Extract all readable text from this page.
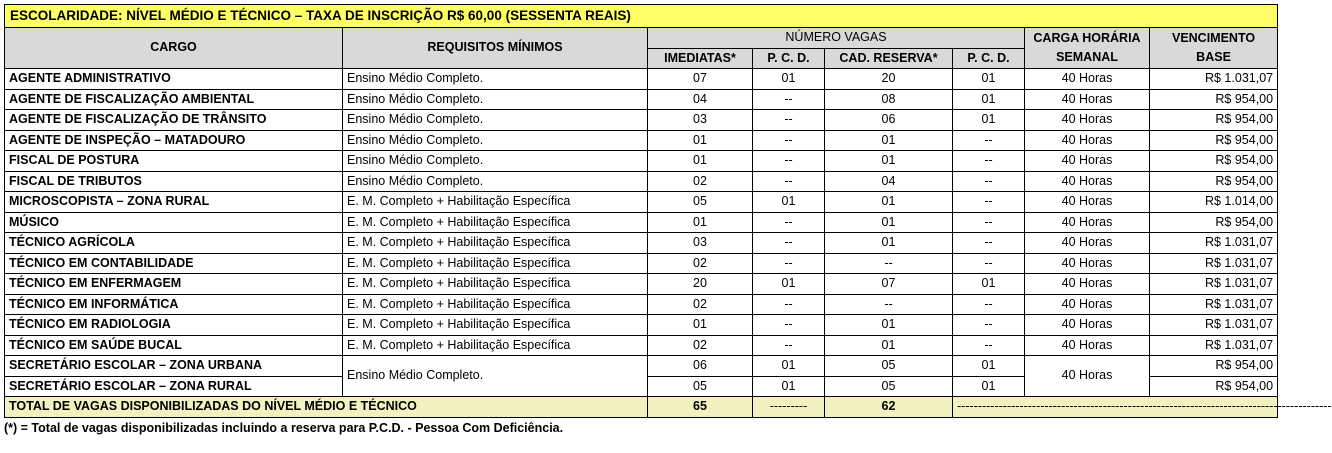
ESCOLARIDADE: NÍVEL MÉDIO E TÉCNICO – TAXA DE INSCRIÇÃO R$ 60,00 (SESSENTA REAIS)							
CARGO	REQUISITOS MÍNIMOS	NÚMERO VAGAS				CARGA HORÁRIA SEMANAL	VENCIMENTO BASE
		IMEDIATAS*	P. C. D.	CAD. RESERVA*	P. C. D.		
AGENTE ADMINISTRATIVO	Ensino Médio Completo.	07	01	20	01	40 Horas	R$ 1.031,07
AGENTE DE FISCALIZAÇÃO AMBIENTAL	Ensino Médio Completo.	04	--	08	01	40 Horas	R$ 954,00
AGENTE DE FISCALIZAÇÃO DE TRÂNSITO	Ensino Médio Completo.	03	--	06	01	40 Horas	R$ 954,00
AGENTE DE INSPEÇÃO – MATADOURO	Ensino Médio Completo.	01	--	01	--	40 Horas	R$ 954,00
FISCAL DE POSTURA	Ensino Médio Completo.	01	--	01	--	40 Horas	R$ 954,00
FISCAL DE TRIBUTOS	Ensino Médio Completo.	02	--	04	--	40 Horas	R$ 954,00
MICROSCOPISTA – ZONA RURAL	E. M. Completo + Habilitação Específica	05	01	01	--	40 Horas	R$ 1.014,00
MÚSICO	E. M. Completo + Habilitação Específica	01	--	01	--	40 Horas	R$ 954,00
TÉCNICO AGRÍCOLA	E. M. Completo + Habilitação Específica	03	--	01	--	40 Horas	R$ 1.031,07
TÉCNICO EM CONTABILIDADE	E. M. Completo + Habilitação Específica	02	--	--	--	40 Horas	R$ 1.031,07
TÉCNICO EM ENFERMAGEM	E. M. Completo + Habilitação Específica	20	01	07	01	40 Horas	R$ 1.031,07
TÉCNICO EM INFORMÁTICA	E. M. Completo + Habilitação Específica	02	--	--	--	40 Horas	R$ 1.031,07
TÉCNICO EM RADIOLOGIA	E. M. Completo + Habilitação Específica	01	--	01	--	40 Horas	R$ 1.031,07
TÉCNICO EM SAÚDE BUCAL	E. M. Completo + Habilitação Específica	02	--	01	--	40 Horas	R$ 1.031,07
SECRETÁRIO ESCOLAR – ZONA URBANA	Ensino Médio Completo.	06	01	05	01	40 Horas	R$ 954,00
SECRETÁRIO ESCOLAR – ZONA RURAL		05	01	05	01		R$ 954,00
TOTAL DE VAGAS DISPONIBILIZADAS DO NÍVEL MÉDIO E TÉCNICO		65	---------	62	------------------------------------------------------------------------------------------		
(*) = Total de vagas disponibilizadas incluindo a reserva para P.C.D. - Pessoa Com Deficiência.
